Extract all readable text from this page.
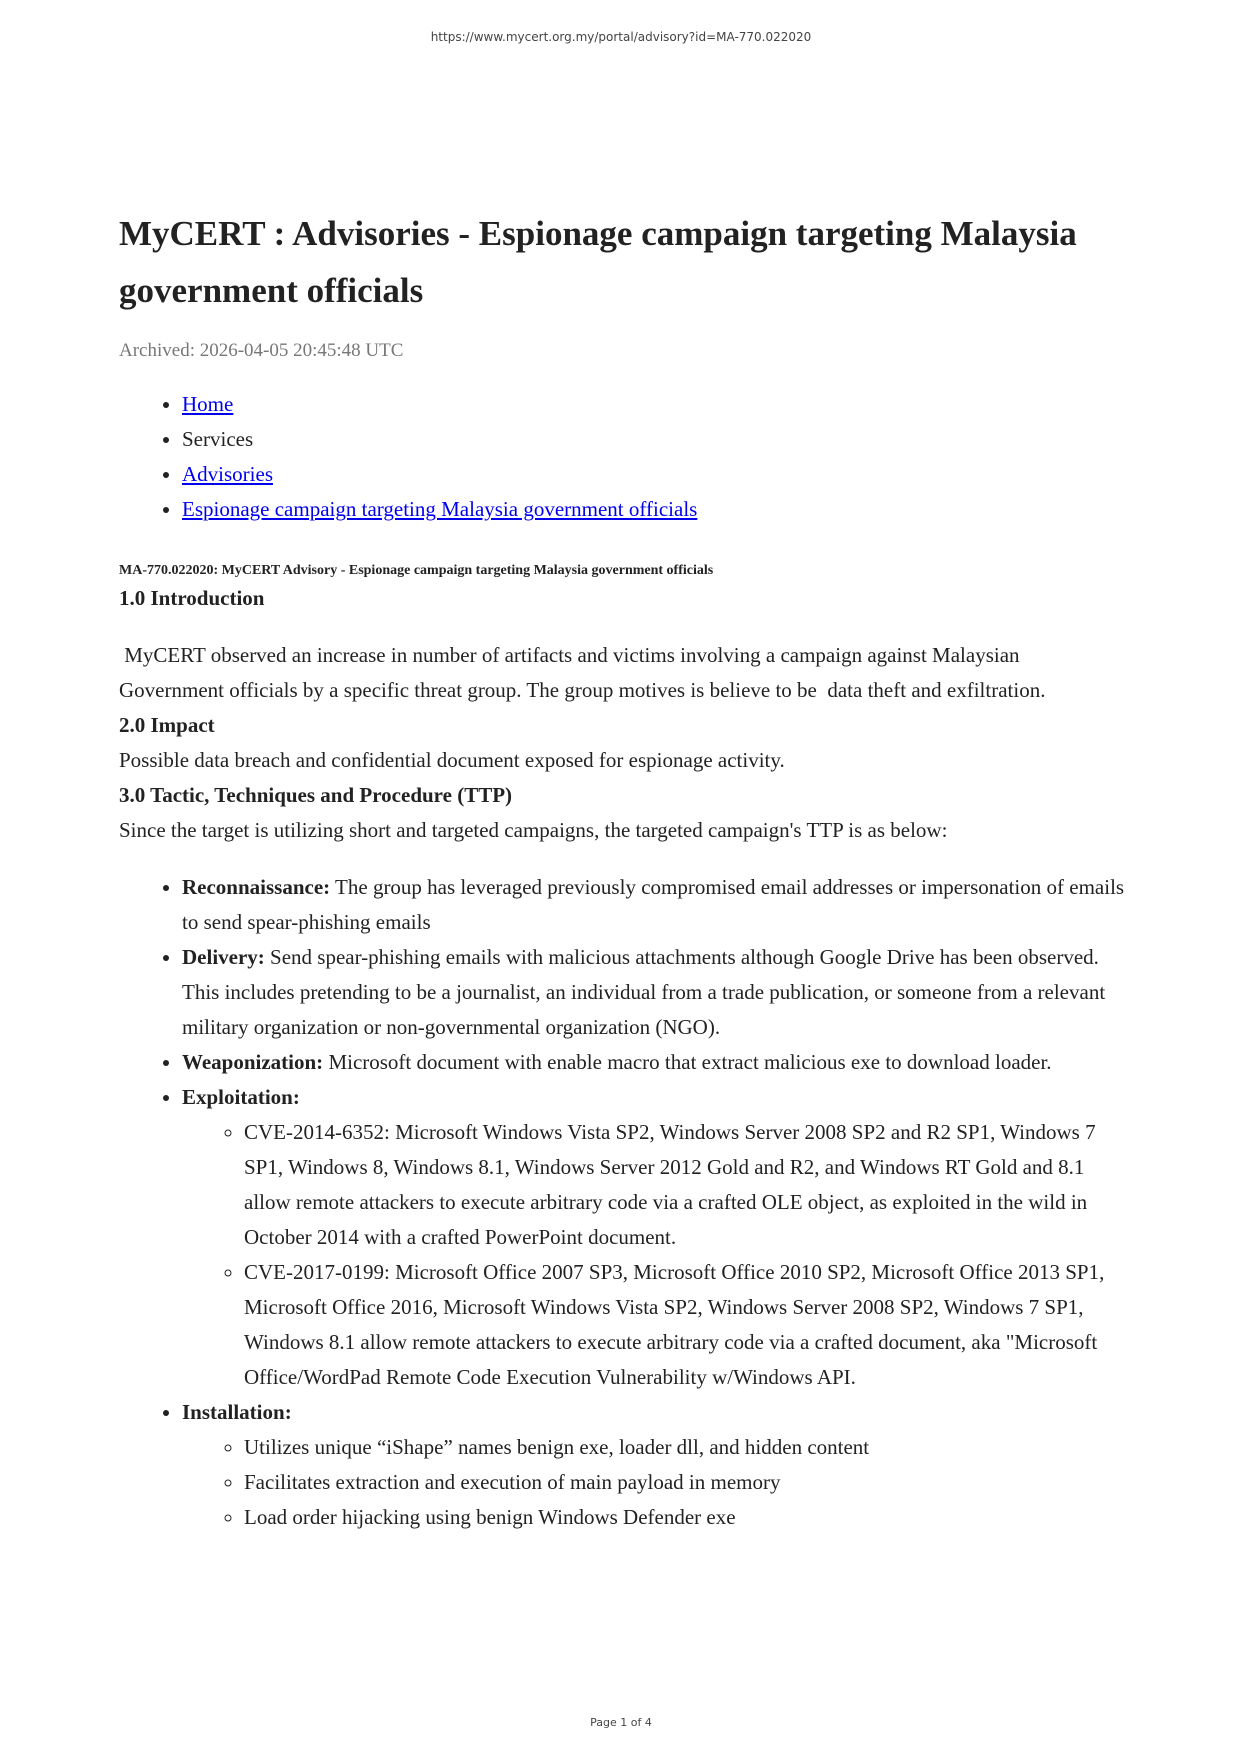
https://www.mycert.org.my/portal/advisory?id=MA-770.022020
MyCERT : Advisories - Espionage campaign targeting Malaysia government officials
Archived: 2026-04-05 20:45:48 UTC
• Home
• Services
• Advisories
• Espionage campaign targeting Malaysia government officials
MA-770.022020: MyCERT Advisory - Espionage campaign targeting Malaysia government officials
1.0 Introduction

MyCERT observed an increase in number of artifacts and victims involving a campaign against Malaysian Government officials by a specific threat group. The group motives is believe to be  data theft and exfiltration.

2.0 Impact

Possible data breach and confidential document exposed for espionage activity.

3.0 Tactic, Techniques and Procedure (TTP)

Since the target is utilizing short and targeted campaigns, the targeted campaign's TTP is as below:

• Reconnaissance: The group has leveraged previously compromised email addresses or impersonation of emails to send spear-phishing emails
• Delivery: Send spear-phishing emails with malicious attachments although Google Drive has been observed. This includes pretending to be a journalist, an individual from a trade publication, or someone from a relevant military organization or non-governmental organization (NGO).
• Weaponization: Microsoft document with enable macro that extract malicious exe to download loader.
• Exploitation:
◦ CVE-2014-6352: Microsoft Windows Vista SP2, Windows Server 2008 SP2 and R2 SP1, Windows 7 SP1, Windows 8, Windows 8.1, Windows Server 2012 Gold and R2, and Windows RT Gold and 8.1 allow remote attackers to execute arbitrary code via a crafted OLE object, as exploited in the wild in October 2014 with a crafted PowerPoint document.
◦ CVE-2017-0199: Microsoft Office 2007 SP3, Microsoft Office 2010 SP2, Microsoft Office 2013 SP1, Microsoft Office 2016, Microsoft Windows Vista SP2, Windows Server 2008 SP2, Windows 7 SP1, Windows 8.1 allow remote attackers to execute arbitrary code via a crafted document, aka "Microsoft Office/WordPad Remote Code Execution Vulnerability w/Windows API.
• Installation:
◦ Utilizes unique “iShape” names benign exe, loader dll, and hidden content
◦ Facilitates extraction and execution of main payload in memory
◦ Load order hijacking using benign Windows Defender exe
Page 1 of 4
